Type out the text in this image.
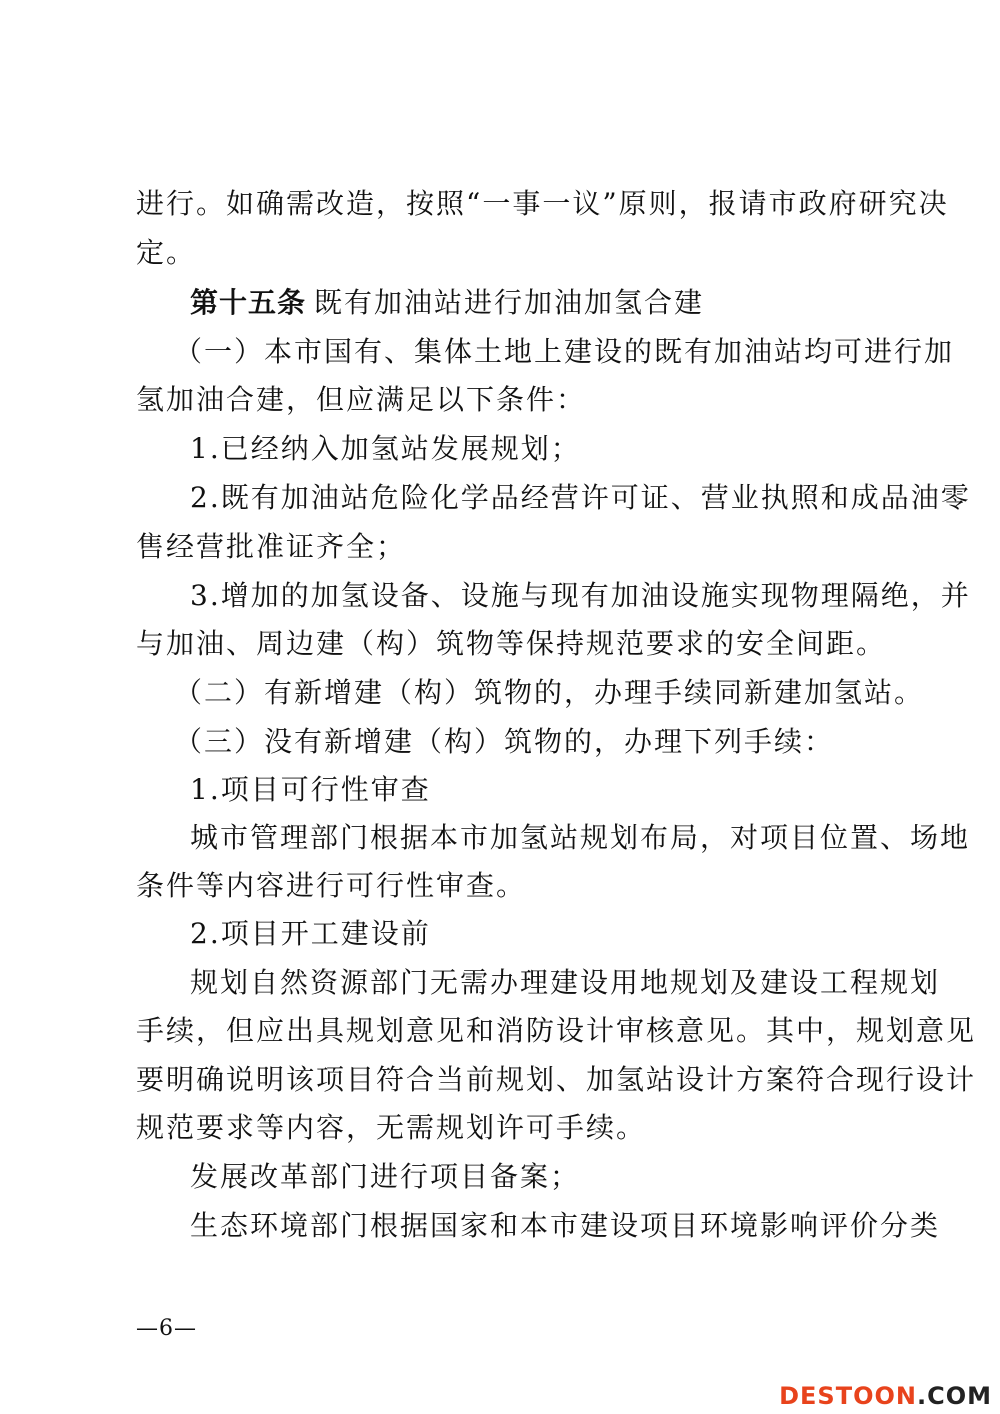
进行。如确需改造，按照“一事一议”原则，报请市政府研究决
定。
第十五条 既有加油站进行加油加氢合建
（一）本市国有、集体土地上建设的既有加油站均可进行加
氢加油合建，但应满足以下条件：
1.已经纳入加氢站发展规划；
2.既有加油站危险化学品经营许可证、营业执照和成品油零
售经营批准证齐全；
3.增加的加氢设备、设施与现有加油设施实现物理隔绝，并
与加油、周边建（构）筑物等保持规范要求的安全间距。
（二）有新增建（构）筑物的，办理手续同新建加氢站。
（三）没有新增建（构）筑物的，办理下列手续：
1.项目可行性审查
城市管理部门根据本市加氢站规划布局，对项目位置、场地
条件等内容进行可行性审查。
2.项目开工建设前
规划自然资源部门无需办理建设用地规划及建设工程规划
手续，但应出具规划意见和消防设计审核意见。其中，规划意见
要明确说明该项目符合当前规划、加氢站设计方案符合现行设计
规范要求等内容，无需规划许可手续。
发展改革部门进行项目备案；
生态环境部门根据国家和本市建设项目环境影响评价分类
—6—
DESTOON.COM
